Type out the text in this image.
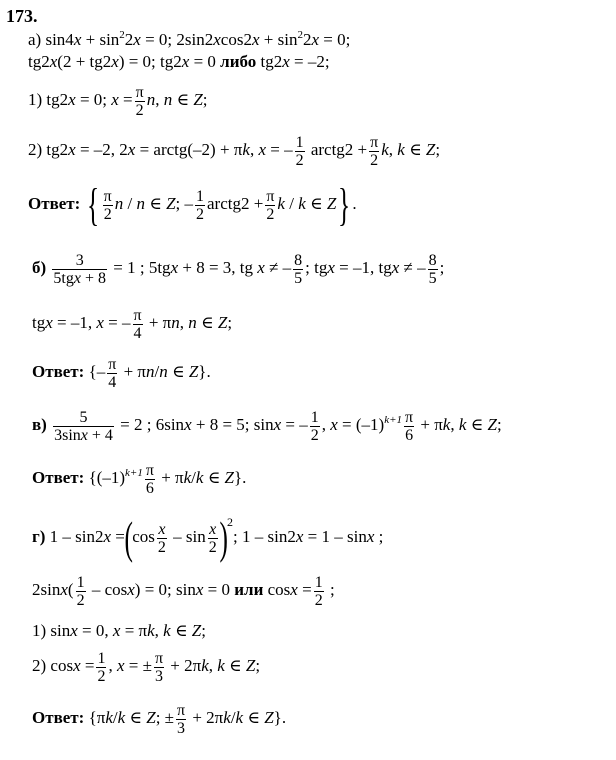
173.
а) $\sin 4x + \sin^22x = 0$; $2\sin 2xcos2x + \sin^22x = 0$;
tg2x(2 + tg2x) = 0; tg2x = 0 либо tg2x = –2;
1) tg2x = 0; $x = \frac{\pi}{2} n$, n ∈ Z;
2) tg2x = –2, 2x = arctg(–2) + πk, x = – $\frac{1}{2}$ arctg2 + $\frac{\pi}{2} k$, k ∈ Z;
Ответ: { $\frac{\pi}{2}$ n / n ∈ Z; – $\frac{1}{2}$ arctg2 + $\frac{\pi}{2}$ k / k ∈ Z} .
$б) \frac{3}{\text{5tgx + 8}} = 1$ ; 5tgx + 8 = 3, tg x ≠ – $\frac{8}{5}$ ; tgx = –1, tgx ≠ – $\frac{8}{5}$ ;
tgx = –1, x = – $\frac{\pi}{4} + \pi n$, n ∈ Z;
Ответ: {– $\frac{\pi}{4} + \pi n/n$ ∈ Z}.
$в) \frac{5}{3\sin x + 4} = 2$ ; 6sinx + 8 = 5; sinx = – $\frac{1}{2}$ , $x = (-1)^{k+1} \frac{\pi}{6} + \pi k$, k ∈ Z;
Ответ: {$(-1)^{k+1} \frac{\pi}{6} + \pi k/k$ ∈ Z}.
г) $1 - \sin 2x =(\cos \frac{x}{2} - \sin \frac{x}{2} )^2$; 1 – sin2x = 1 – sinx ;
$2\sin x( \frac{1}{2} - \cos x) = 0$; sinx = 0 или $\cos x = \frac{1}{2}$ ;
1) sinx = 0, x = πk, k ∈ Z;
2) $\cos x = \frac{1}{2}$ , x = ± $\frac{\pi}{3} + 2\pi k$, k ∈ Z;
Ответ: {πk/k ∈ Z; ± $\frac{\pi}{3} + 2\pi k/k$ ∈ Z}.
